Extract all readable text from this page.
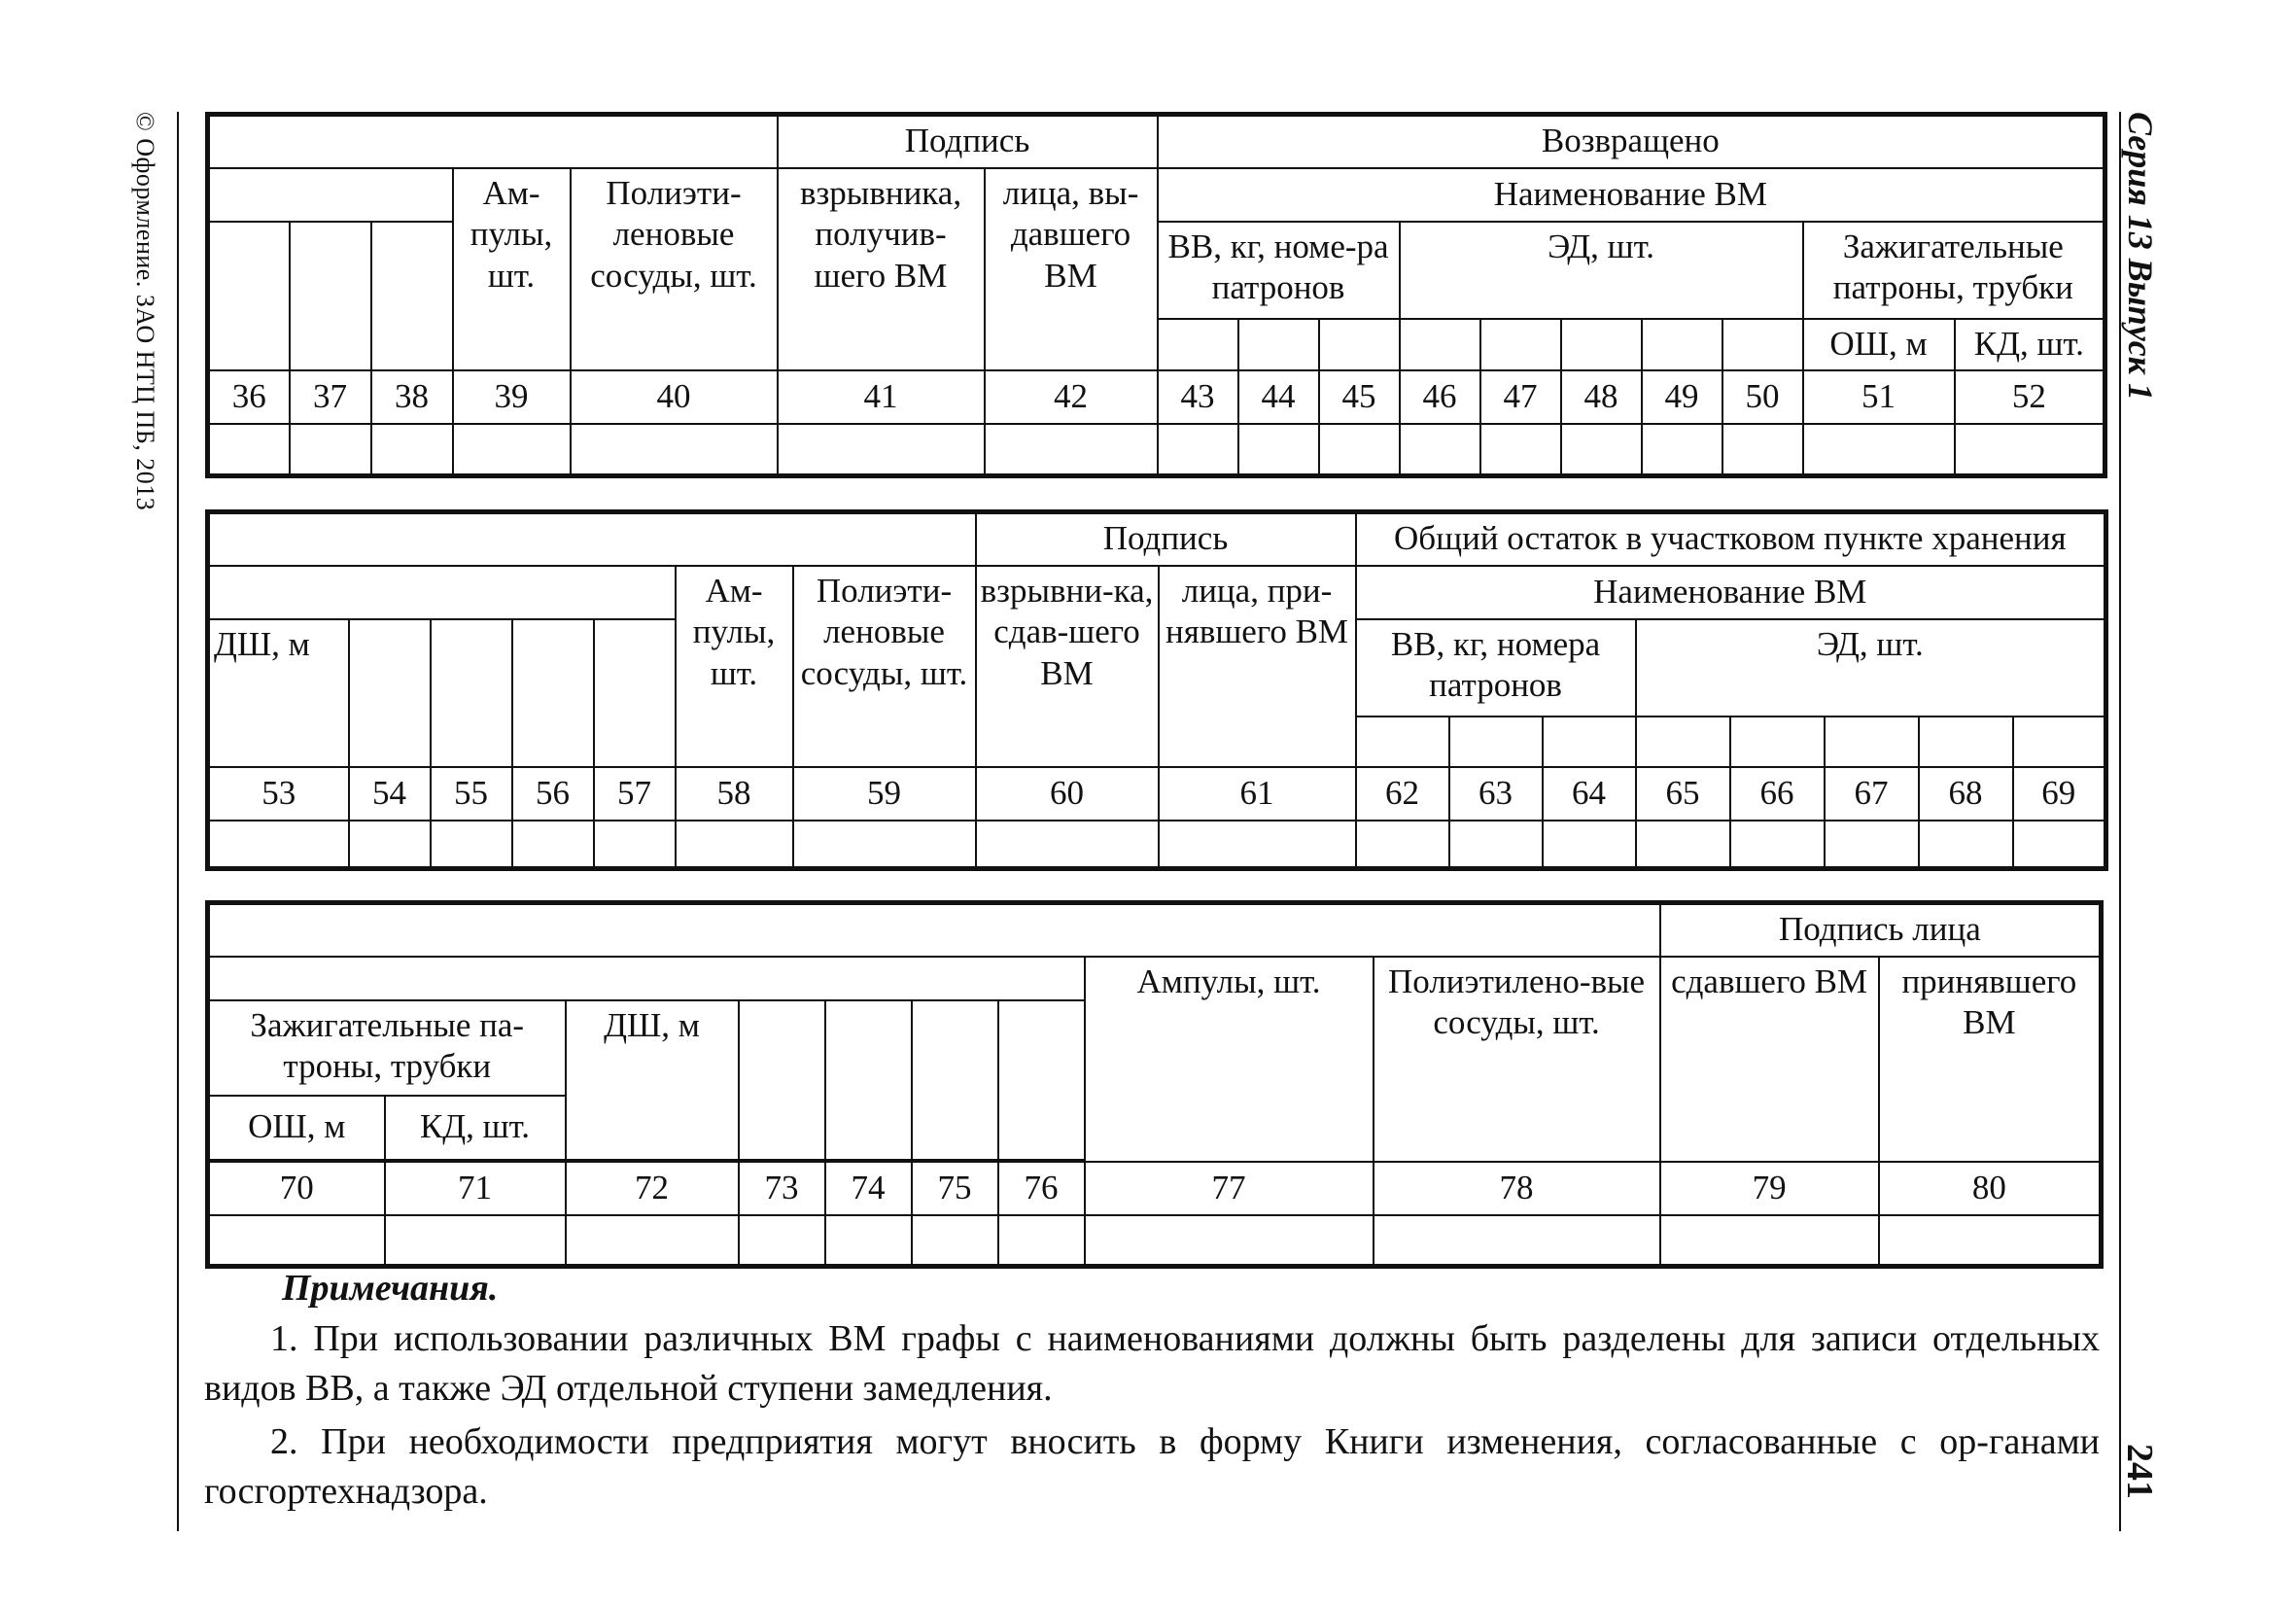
© Оформление. ЗАО НТЦ ПБ, 2013	Серия 13 Выпуск 1
241
					Подпись		Возвращено									
			Ам-пулы, шт.	Полиэти-леновые сосуды, шт.	взрывника, получив-шего ВМ	лица, вы-давшего ВМ	Наименование ВМ									
							ВВ, кг, номе-ра патронов			ЭД, шт.					Зажигательные патроны, трубки	
															ОШ, м	КД, шт.
36	37	38	39	40	41	42	43	44	45	46	47	48	49	50	51	52

							Подпись		Общий остаток в участковом пункте хранения							
					Ам-пулы, шт.	Полиэти-леновые сосуды, шт.	взрывни-ка, сдав-шего ВМ	лица, при-нявшего ВМ	Наименование ВМ							
ДШ, м									ВВ, кг, номера патронов			ЭД, шт.				

53	54	55	56	57	58	59	60	61	62	63	64	65	66	67	68	69

									Подпись лица	
							Ампулы, шт.	Полиэтилено-вые сосуды, шт.	сдавшего ВМ	принявшего ВМ
Зажигательные па-троны, трубки		ДШ, м								
ОШ, м	КД, шт.									

70	71	72	73	74	75	76	77	78	79	80

Примечания.

1. При использовании различных ВМ графы с наименованиями должны быть разделены для записи отдельных видов ВВ, а также ЭД отдельной ступени замедления.

2. При необходимости предприятия могут вносить в форму Книги изменения, согласованные с ор-ганами госгортехнадзора.
